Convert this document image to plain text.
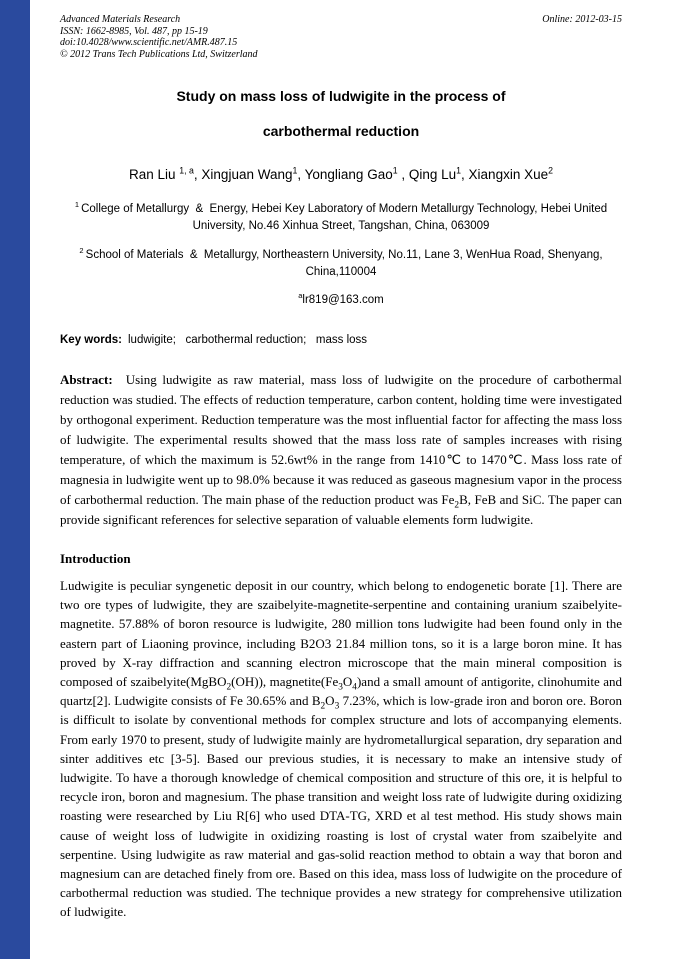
Advanced Materials Research	Online: 2012-03-15
ISSN: 1662-8985, Vol. 487, pp 15-19
doi:10.4028/www.scientific.net/AMR.487.15
© 2012 Trans Tech Publications Ltd, Switzerland
Study on mass loss of ludwigite in the process of
carbothermal reduction

Ran Liu $^{1, a}$, Xingjuan Wang$^1$, Yongliang Gao$^1$ , Qing Lu$^1$, Xiangxin Xue$^2$

$^1$ College of Metallurgy  &  Energy, Hebei Key Laboratory of Modern Metallurgy Technology, Hebei United University, No.46 Xinhua Street, Tangshan, China, 063009

$^2$ School of Materials  &  Metallurgy, Northeastern University, No.11, Lane 3, WenHua Road, Shenyang, China,110004

$^a$lr819@163.com

Key words: ludwigite;   carbothermal reduction;   mass loss

Abstract: Using ludwigite as raw material, mass loss of ludwigite on the procedure of carbothermal reduction was studied. The effects of reduction temperature, carbon content, holding time were investigated by orthogonal experiment. Reduction temperature was the most influential factor for affecting the mass loss of ludwigite. The experimental results showed that the mass loss rate of samples increases with rising temperature, of which the maximum is 52.6wt% in the range from 1410℃ to 1470℃. Mass loss rate of magnesia in ludwigite went up to 98.0% because it was reduced as gaseous magnesium vapor in the process of carbothermal reduction. The main phase of the reduction product was $Fe_2B$, FeB and SiC. The paper can provide significant references for selective separation of valuable elements form ludwigite.

Introduction

Ludwigite is peculiar syngenetic deposit in our country, which belong to endogenetic borate [1]. There are two ore types of ludwigite, they are szaibelyite-magnetite-serpentine and containing uranium szaibelyite-magnetite. 57.88% of boron resource is ludwigite, 280 million tons ludwigite had been found only in the eastern part of Liaoning province, including B2O3 21.84 million tons, so it is a large boron mine. It has proved by X-ray diffraction and scanning electron microscope that the main mineral composition is composed of szaibelyite(MgBO$_2$(OH)), $magnetite(Fe_3O_4)and$ a small amount of antigorite, clinohumite and quartz[2]. Ludwigite consists of Fe 30.65% and $B_2O_3$ 7.23%, which is low-grade iron and boron ore. Boron is difficult to isolate by conventional methods for complex structure and lots of accompanying elements. From early 1970 to present, study of ludwigite mainly are hydrometallurgical separation, dry separation and sinter additives etc [3-5]. Based our previous studies, it is necessary to make an intensive study of ludwigite. To have a thorough knowledge of chemical composition and structure of this ore, it is helpful to recycle iron, boron and magnesium. The phase transition and weight loss rate of ludwigite during oxidizing roasting were researched by Liu R[6] who used DTA-TG, XRD et al test method. His study shows main cause of weight loss of ludwigite in oxidizing roasting is lost of crystal water from szaibelyite and serpentine. Using ludwigite as raw material and gas-solid reaction method to obtain a way that boron and magnesium can are detached finely from ore. Based on this idea, mass loss of ludwigite on the procedure of carbothermal reduction was studied. The technique provides a new strategy for comprehensive utilization of ludwigite.
